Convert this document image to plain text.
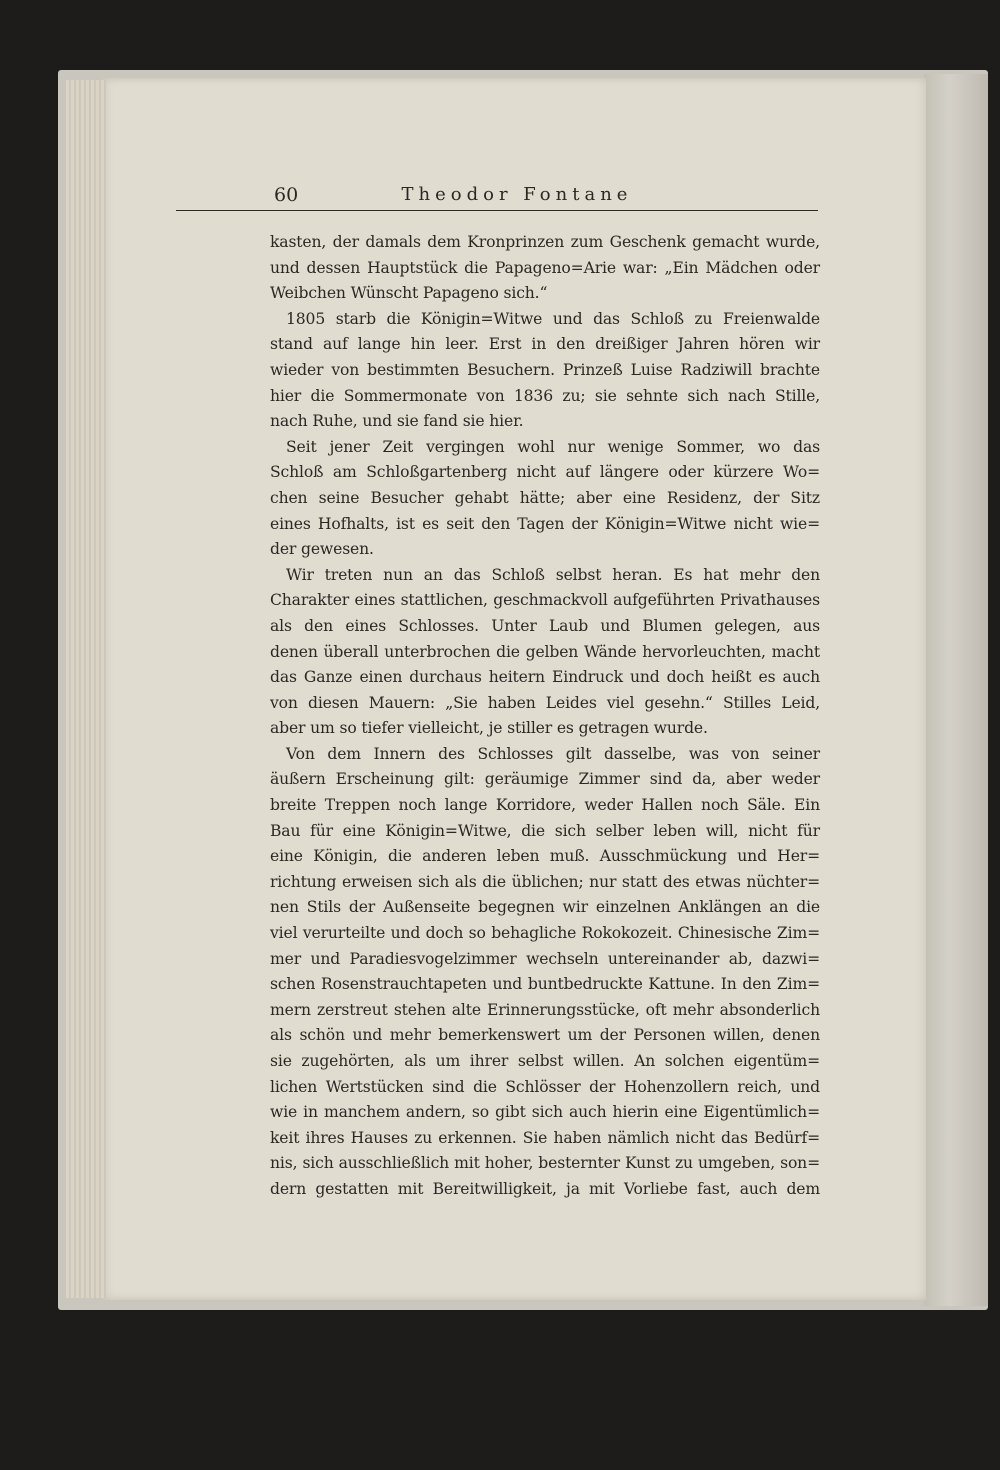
60	Theodor Fontane
kasten, der damals dem Kronprinzen zum Geschenk gemacht wurde,
und dessen Hauptstück die Papageno=Arie war: „Ein Mädchen oder
Weibchen Wünscht Papageno sich.“
1805 starb die Königin=Witwe und das Schloß zu Freienwalde
stand auf lange hin leer. Erst in den dreißiger Jahren hören wir
wieder von bestimmten Besuchern. Prinzeß Luise Radziwill brachte
hier die Sommermonate von 1836 zu; sie sehnte sich nach Stille,
nach Ruhe, und sie fand sie hier.
Seit jener Zeit vergingen wohl nur wenige Sommer, wo das
Schloß am Schloßgartenberg nicht auf längere oder kürzere Wo=
chen seine Besucher gehabt hätte; aber eine Residenz, der Sitz
eines Hofhalts, ist es seit den Tagen der Königin=Witwe nicht wie=
der gewesen.
Wir treten nun an das Schloß selbst heran. Es hat mehr den
Charakter eines stattlichen, geschmackvoll aufgeführten Privathauses
als den eines Schlosses. Unter Laub und Blumen gelegen, aus
denen überall unterbrochen die gelben Wände hervorleuchten, macht
das Ganze einen durchaus heitern Eindruck und doch heißt es auch
von diesen Mauern: „Sie haben Leides viel gesehn.“ Stilles Leid,
aber um so tiefer vielleicht, je stiller es getragen wurde.
Von dem Innern des Schlosses gilt dasselbe, was von seiner
äußern Erscheinung gilt: geräumige Zimmer sind da, aber weder
breite Treppen noch lange Korridore, weder Hallen noch Säle. Ein
Bau für eine Königin=Witwe, die sich selber leben will, nicht für
eine Königin, die anderen leben muß. Ausschmückung und Her=
richtung erweisen sich als die üblichen; nur statt des etwas nüchter=
nen Stils der Außenseite begegnen wir einzelnen Anklängen an die
viel verurteilte und doch so behagliche Rokokozeit. Chinesische Zim=
mer und Paradiesvogelzimmer wechseln untereinander ab, dazwi=
schen Rosenstrauchtapeten und buntbedruckte Kattune. In den Zim=
mern zerstreut stehen alte Erinnerungsstücke, oft mehr absonderlich
als schön und mehr bemerkenswert um der Personen willen, denen
sie zugehörten, als um ihrer selbst willen. An solchen eigentüm=
lichen Wertstücken sind die Schlösser der Hohenzollern reich, und
wie in manchem andern, so gibt sich auch hierin eine Eigentümlich=
keit ihres Hauses zu erkennen. Sie haben nämlich nicht das Bedürf=
nis, sich ausschließlich mit hoher, besternter Kunst zu umgeben, son=
dern gestatten mit Bereitwilligkeit, ja mit Vorliebe fast, auch dem
